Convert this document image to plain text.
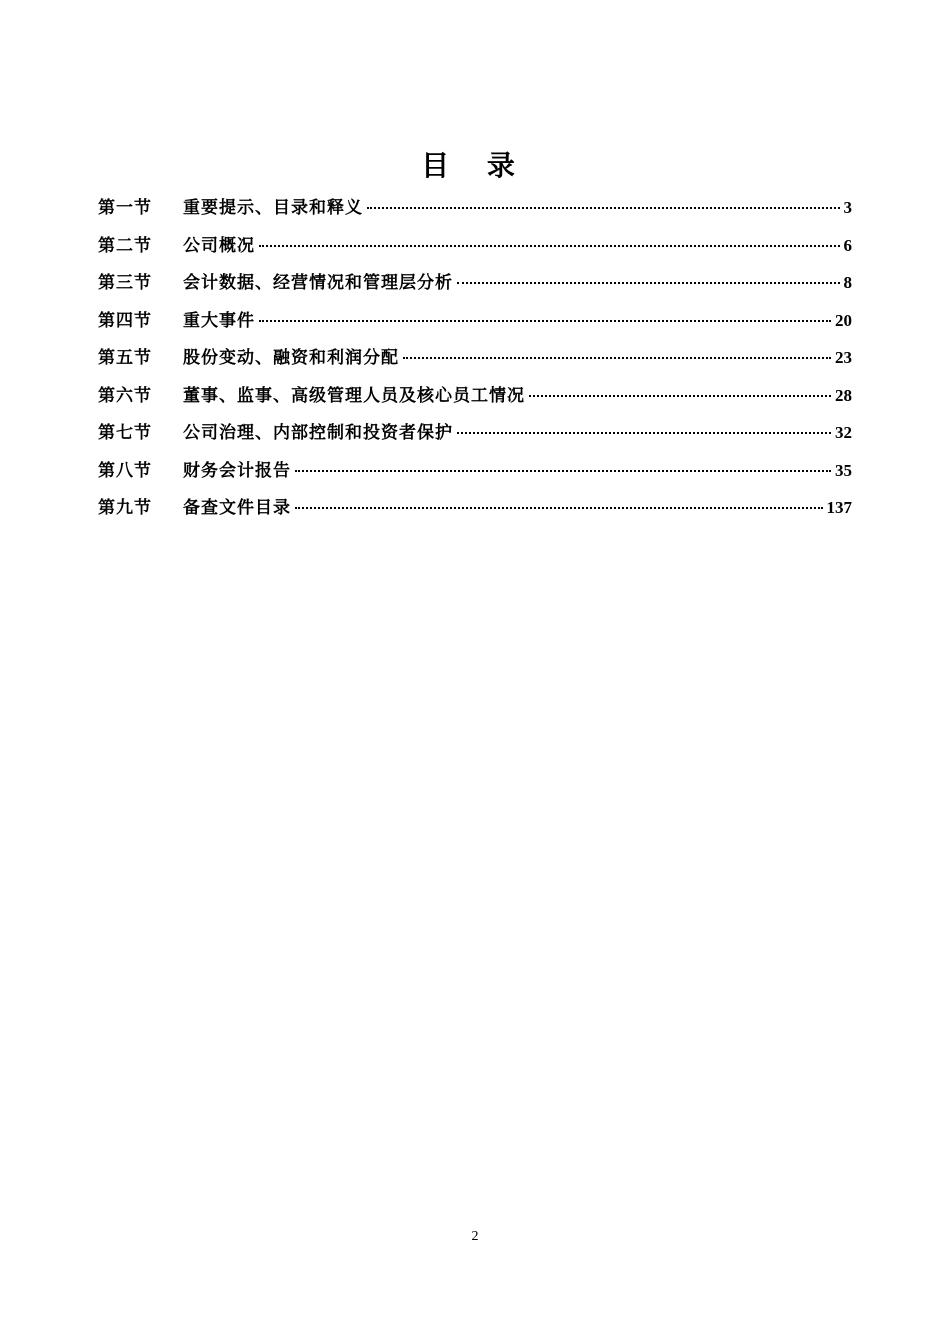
目 录
第一节	重要提示、目录和释义	3
第二节	公司概况	6
第三节	会计数据、经营情况和管理层分析	8
第四节	重大事件	20
第五节	股份变动、融资和利润分配	23
第六节	董事、监事、高级管理人员及核心员工情况	28
第七节	公司治理、内部控制和投资者保护	32
第八节	财务会计报告	35
第九节	备查文件目录	137
2
